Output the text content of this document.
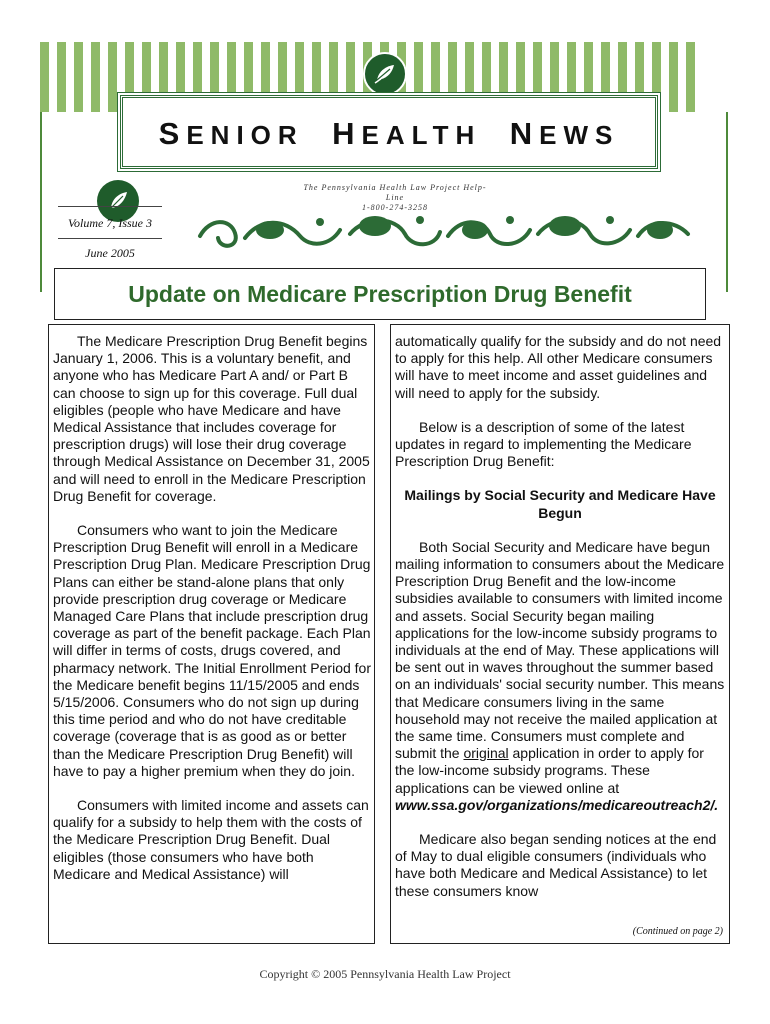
SENIOR HEALTH NEWS
The Pennsylvania Health Law Project Help-Line
1-800-274-3258
Volume 7, Issue 3
June 2005
Update on Medicare Prescription Drug Benefit

The Medicare Prescription Drug Benefit begins January 1, 2006. This is a voluntary benefit, and anyone who has Medicare Part A and/ or Part B can choose to sign up for this coverage. Full dual eligibles (people who have Medicare and have Medical Assistance that includes coverage for prescription drugs) will lose their drug coverage through Medical Assistance on December 31, 2005 and will need to enroll in the Medicare Prescription Drug Benefit for coverage.

Consumers who want to join the Medicare Prescription Drug Benefit will enroll in a Medicare Prescription Drug Plan. Medicare Prescription Drug Plans can either be stand-alone plans that only provide prescription drug coverage or Medicare Managed Care Plans that include prescription drug coverage as part of the benefit package. Each Plan will differ in terms of costs, drugs covered, and pharmacy network. The Initial Enrollment Period for the Medicare benefit begins 11/15/2005 and ends 5/15/2006. Consumers who do not sign up during this time period and who do not have creditable coverage (coverage that is as good as or better than the Medicare Prescription Drug Benefit) will have to pay a higher premium when they do join.

Consumers with limited income and assets can qualify for a subsidy to help them with the costs of the Medicare Prescription Drug Benefit. Dual eligibles (those consumers who have both Medicare and Medical Assistance) will

automatically qualify for the subsidy and do not need to apply for this help. All other Medicare consumers will have to meet income and asset guidelines and will need to apply for the subsidy.

Below is a description of some of the latest updates in regard to implementing the Medicare Prescription Drug Benefit:

Mailings by Social Security and Medicare Have Begun

Both Social Security and Medicare have begun mailing information to consumers about the Medicare Prescription Drug Benefit and the low-income subsidies available to consumers with limited income and assets. Social Security began mailing applications for the low-income subsidy programs to individuals at the end of May. These applications will be sent out in waves throughout the summer based on an individuals' social security number. This means that Medicare consumers living in the same household may not receive the mailed application at the same time. Consumers must complete and submit the original application in order to apply for the low-income subsidy programs. These applications can be viewed online at www.ssa.gov/organizations/medicareoutreach2/.

Medicare also began sending notices at the end of May to dual eligible consumers (individuals who have both Medicare and Medical Assistance) to let these consumers know

(Continued on page 2)
Copyright © 2005 Pennsylvania Health Law Project
